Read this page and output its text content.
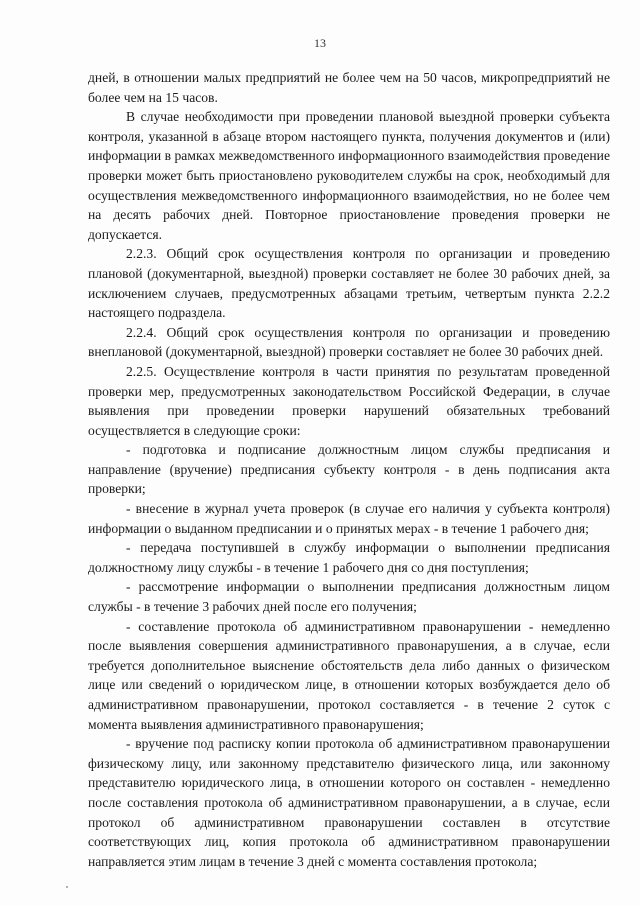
13

дней, в отношении малых предприятий не более чем на 50 часов, микропредприятий не более чем на 15 часов.

В случае необходимости при проведении плановой выездной проверки субъекта контроля, указанной в абзаце втором настоящего пункта, получения документов и (или) информации в рамках межведомственного информационного взаимодействия проведение проверки может быть приостановлено руководителем службы на срок, необходимый для осуществления межведомственного информационного взаимодействия, но не более чем на десять рабочих дней. Повторное приостановление проведения проверки не допускается.

2.2.3. Общий срок осуществления контроля по организации и проведению плановой (документарной, выездной) проверки составляет не более 30 рабочих дней, за исключением случаев, предусмотренных абзацами третьим, четвертым пункта 2.2.2 настоящего подраздела.

2.2.4. Общий срок осуществления контроля по организации и проведению внеплановой (документарной, выездной) проверки составляет не более 30 рабочих дней.

2.2.5. Осуществление контроля в части принятия по результатам проведенной проверки мер, предусмотренных законодательством Российской Федерации, в случае выявления при проведении проверки нарушений обязательных требований осуществляется в следующие сроки:

- подготовка и подписание должностным лицом службы предписания и направление (вручение) предписания субъекту контроля - в день подписания акта проверки;

- внесение в журнал учета проверок (в случае его наличия у субъекта контроля) информации о выданном предписании и о принятых мерах - в течение 1 рабочего дня;

- передача поступившей в службу информации о выполнении предписания должностному лицу службы - в течение 1 рабочего дня со дня поступления;

- рассмотрение информации о выполнении предписания должностным лицом службы - в течение 3 рабочих дней после его получения;

- составление протокола об административном правонарушении - немедленно после выявления совершения административного правонарушения, а в случае, если требуется дополнительное выяснение обстоятельств дела либо данных о физическом лице или сведений о юридическом лице, в отношении которых возбуждается дело об административном правонарушении, протокол составляется - в течение 2 суток с момента выявления административного правонарушения;

- вручение под расписку копии протокола об административном правонарушении физическому лицу, или законному представителю физического лица, или законному представителю юридического лица, в отношении которого он составлен - немедленно после составления протокола об административном правонарушении, а в случае, если протокол об административном правонарушении составлен в отсутствие соответствующих лиц, копия протокола об административном правонарушении направляется этим лицам в течение 3 дней с момента составления протокола;
